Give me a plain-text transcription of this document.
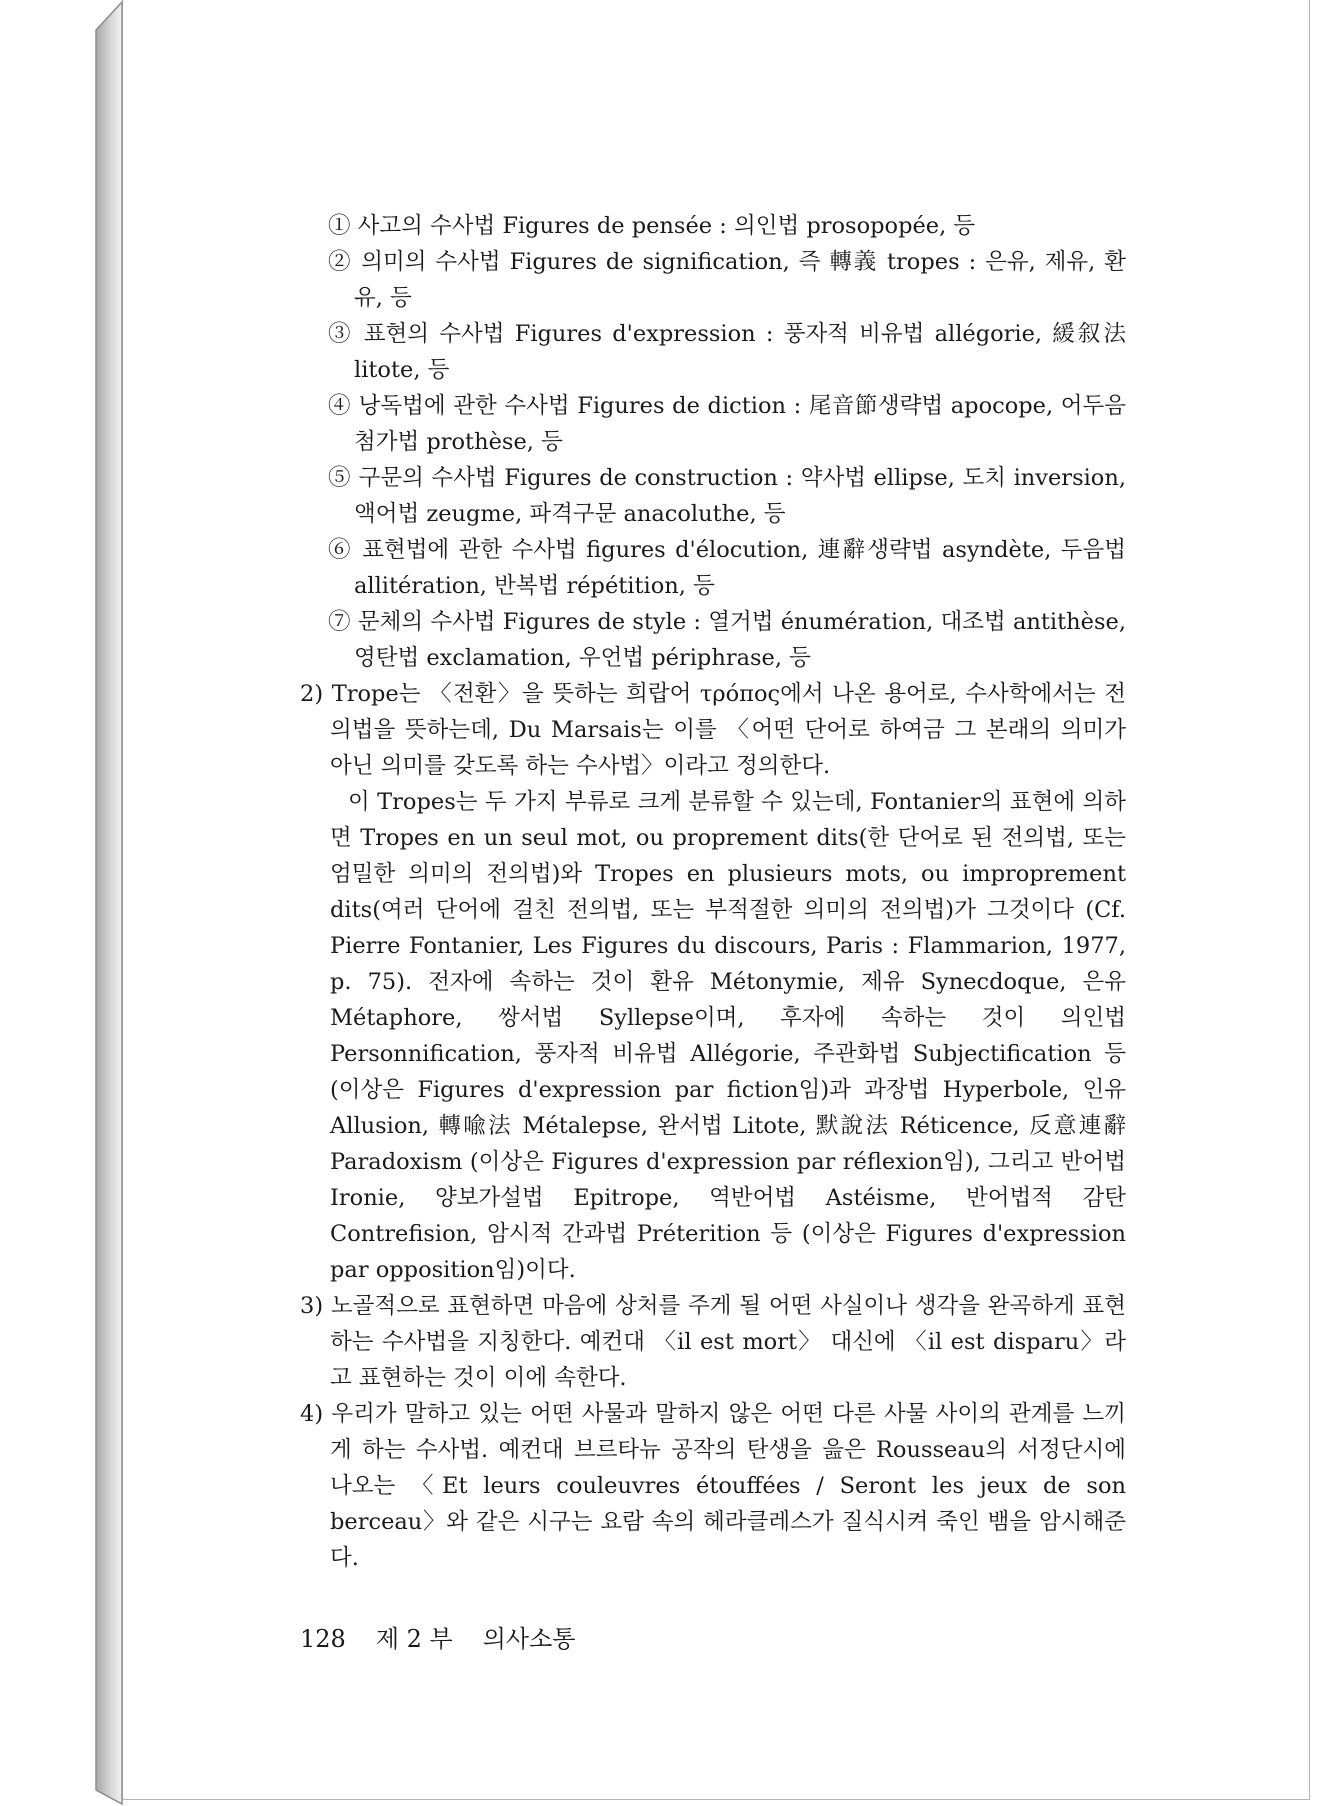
① 사고의 수사법 Figures de pensée : 의인법 prosopopée, 등

② 의미의 수사법 Figures de signification, 즉 轉義 tropes : 은유, 제유, 환유, 등

③ 표현의 수사법 Figures d'expression : 풍자적 비유법 allégorie, 緩叙法 litote, 등

④ 낭독법에 관한 수사법 Figures de diction : 尾音節생략법 apocope, 어두음 첨가법 prothèse, 등

⑤ 구문의 수사법 Figures de construction : 약사법 ellipse, 도치 inversion, 액어법 zeugme, 파격구문 anacoluthe, 등

⑥ 표현법에 관한 수사법 figures d'élocution, 連辭생략법 asyndète, 두음법 allitération, 반복법 répétition, 등

⑦ 문체의 수사법 Figures de style : 열거법 énumération, 대조법 antithèse, 영탄법 exclamation, 우언법 périphrase, 등

2) Trope는 〈전환〉을 뜻하는 희랍어 τρόπος에서 나온 용어로, 수사학에서는 전의법을 뜻하는데, Du Marsais는 이를 〈어떤 단어로 하여금 그 본래의 의미가 아닌 의미를 갖도록 하는 수사법〉이라고 정의한다.

이 Tropes는 두 가지 부류로 크게 분류할 수 있는데, Fontanier의 표현에 의하면 Tropes en un seul mot, ou proprement dits(한 단어로 된 전의법, 또는 엄밀한 의미의 전의법)와 Tropes en plusieurs mots, ou improprement dits(여러 단어에 걸친 전의법, 또는 부적절한 의미의 전의법)가 그것이다 (Cf. Pierre Fontanier, Les Figures du discours, Paris : Flammarion, 1977, p. 75). 전자에 속하는 것이 환유 Métonymie, 제유 Synecdoque, 은유 Métaphore, 쌍서법 Syllepse이며, 후자에 속하는 것이 의인법 Personnification, 풍자적 비유법 Allégorie, 주관화법 Subjectification 등 (이상은 Figures d'expression par fiction임)과 과장법 Hyperbole, 인유 Allusion, 轉喩法 Métalepse, 완서법 Litote, 默說法 Réticence, 反意連辭 Paradoxism (이상은 Figures d'expression par réflexion임), 그리고 반어법 Ironie, 양보가설법 Epitrope, 역반어법 Astéisme, 반어법적 감탄 Contrefision, 암시적 간과법 Préterition 등 (이상은 Figures d'expression par opposition임)이다.

3) 노골적으로 표현하면 마음에 상처를 주게 될 어떤 사실이나 생각을 완곡하게 표현하는 수사법을 지칭한다. 예컨대 〈il est mort〉 대신에 〈il est disparu〉라고 표현하는 것이 이에 속한다.

4) 우리가 말하고 있는 어떤 사물과 말하지 않은 어떤 다른 사물 사이의 관계를 느끼게 하는 수사법. 예컨대 브르타뉴 공작의 탄생을 읊은 Rousseau의 서정단시에 나오는 〈Et leurs couleuvres étouffées / Seront les jeux de son berceau〉와 같은 시구는 요람 속의 헤라클레스가 질식시켜 죽인 뱀을 암시해준다.

128 제 2 부 의사소통
